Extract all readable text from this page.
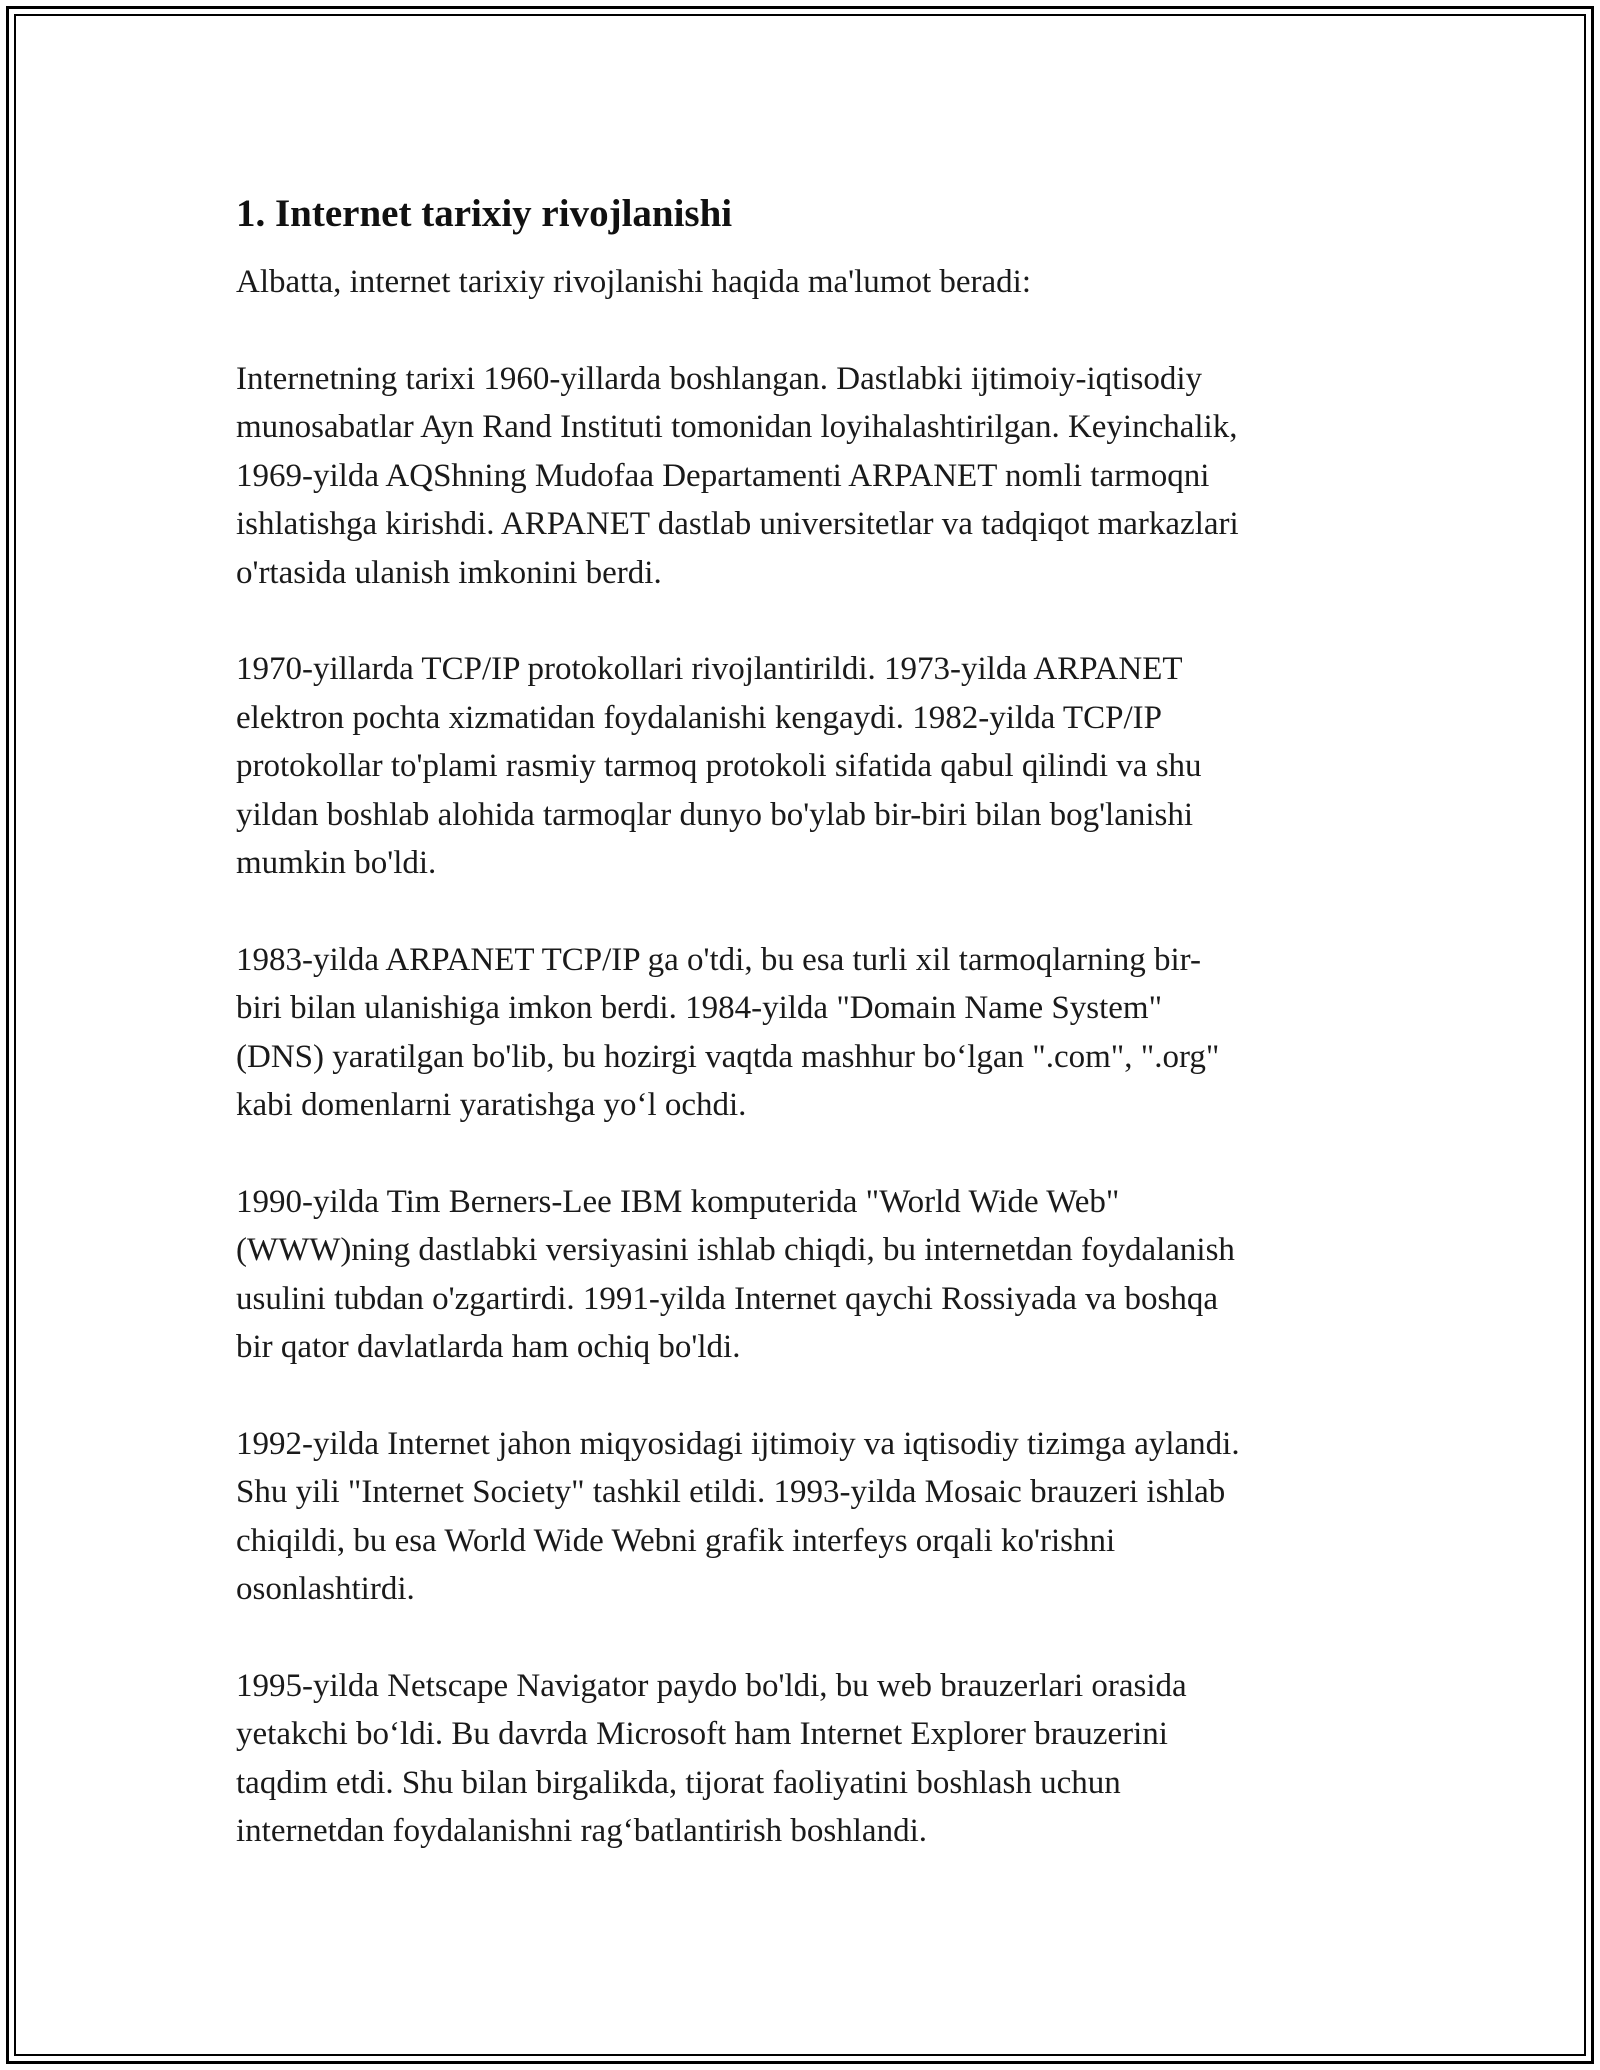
1. Internet tarixiy rivojlanishi

Albatta, internet tarixiy rivojlanishi haqida ma'lumot beradi:

Internetning tarixi 1960-yillarda boshlangan. Dastlabki ijtimoiy-iqtisodiy
munosabatlar Ayn Rand Instituti tomonidan loyihalashtirilgan. Keyinchalik,
1969-yilda AQShning Mudofaa Departamenti ARPANET nomli tarmoqni
ishlatishga kirishdi. ARPANET dastlab universitetlar va tadqiqot markazlari
o'rtasida ulanish imkonini berdi.

1970-yillarda TCP/IP protokollari rivojlantirildi. 1973-yilda ARPANET
elektron pochta xizmatidan foydalanishi kengaydi. 1982-yilda TCP/IP
protokollar to'plami rasmiy tarmoq protokoli sifatida qabul qilindi va shu
yildan boshlab alohida tarmoqlar dunyo bo'ylab bir-biri bilan bog'lanishi
mumkin bo'ldi.

1983-yilda ARPANET TCP/IP ga o'tdi, bu esa turli xil tarmoqlarning bir-
biri bilan ulanishiga imkon berdi. 1984-yilda "Domain Name System"
(DNS) yaratilgan bo'lib, bu hozirgi vaqtda mashhur bo‘lgan ".com", ".org"
kabi domenlarni yaratishga yo‘l ochdi.

1990-yilda Tim Berners-Lee IBM komputerida "World Wide Web"
(WWW)ning dastlabki versiyasini ishlab chiqdi, bu internetdan foydalanish
usulini tubdan o'zgartirdi. 1991-yilda Internet qaychi Rossiyada va boshqa
bir qator davlatlarda ham ochiq bo'ldi.

1992-yilda Internet jahon miqyosidagi ijtimoiy va iqtisodiy tizimga aylandi.
Shu yili "Internet Society" tashkil etildi. 1993-yilda Mosaic brauzeri ishlab
chiqildi, bu esa World Wide Webni grafik interfeys orqali ko'rishni
osonlashtirdi.

1995-yilda Netscape Navigator paydo bo'ldi, bu web brauzerlari orasida
yetakchi bo‘ldi. Bu davrda Microsoft ham Internet Explorer brauzerini
taqdim etdi. Shu bilan birgalikda, tijorat faoliyatini boshlash uchun
internetdan foydalanishni rag‘batlantirish boshlandi.
